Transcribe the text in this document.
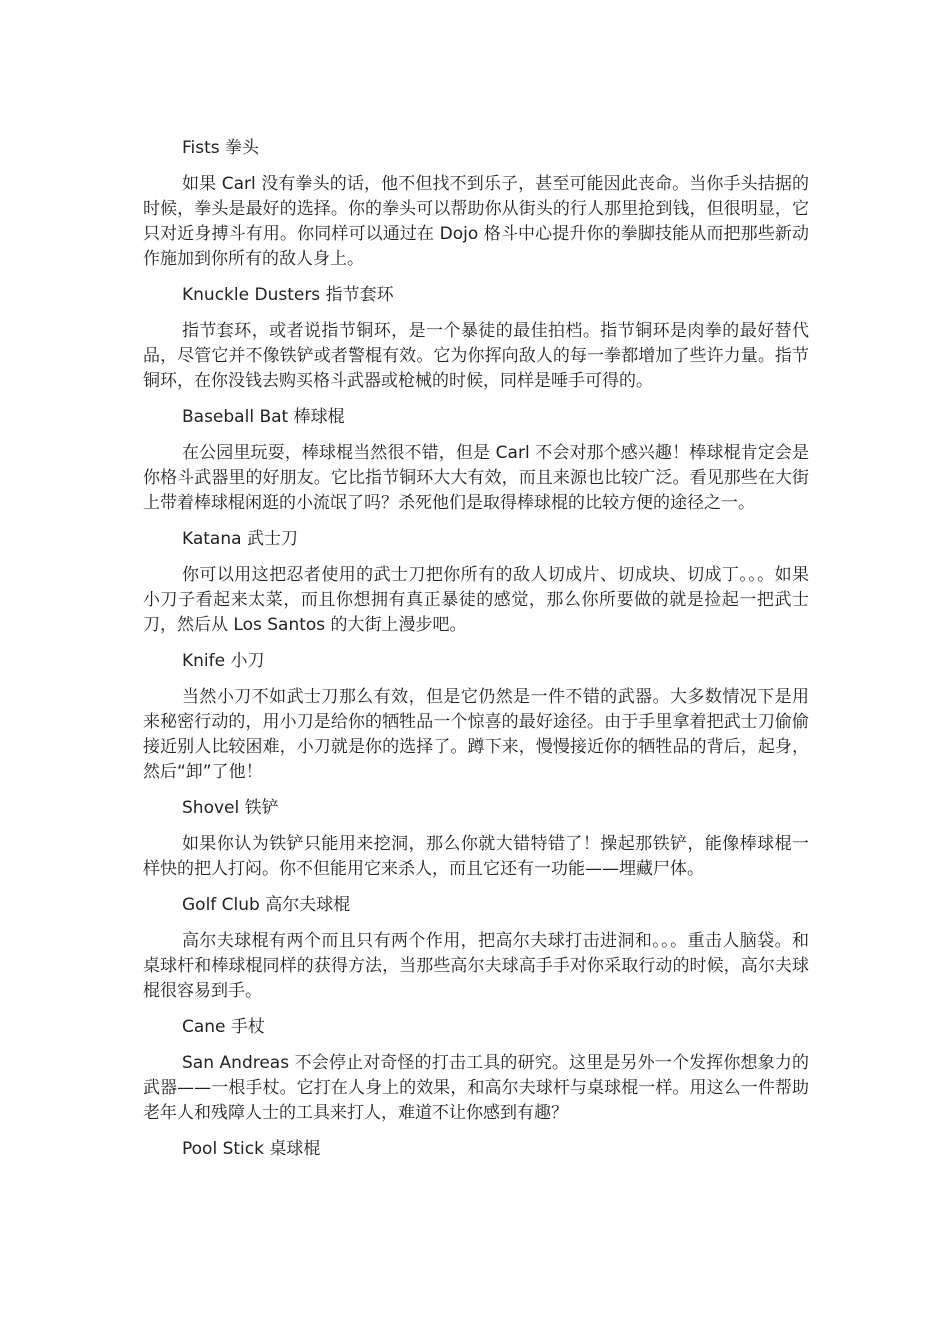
Fists 拳头
如果 Carl 没有拳头的话，他不但找不到乐子，甚至可能因此丧命。当你手头拮据的时候，拳头是最好的选择。你的拳头可以帮助你从街头的行人那里抢到钱，但很明显，它只对近身搏斗有用。你同样可以通过在 Dojo 格斗中心提升你的拳脚技能从而把那些新动作施加到你所有的敌人身上。
Knuckle Dusters 指节套环
指节套环，或者说指节铜环，是一个暴徒的最佳拍档。指节铜环是肉拳的最好替代品，尽管它并不像铁铲或者警棍有效。它为你挥向敌人的每一拳都增加了些许力量。指节铜环，在你没钱去购买格斗武器或枪械的时候，同样是唾手可得的。
Baseball Bat 棒球棍
在公园里玩耍，棒球棍当然很不错，但是 Carl 不会对那个感兴趣！棒球棍肯定会是你格斗武器里的好朋友。它比指节铜环大大有效，而且来源也比较广泛。看见那些在大街上带着棒球棍闲逛的小流氓了吗？杀死他们是取得棒球棍的比较方便的途径之一。
Katana 武士刀
你可以用这把忍者使用的武士刀把你所有的敌人切成片、切成块、切成丁。。。如果小刀子看起来太菜，而且你想拥有真正暴徒的感觉，那么你所要做的就是捡起一把武士刀，然后从 Los Santos 的大街上漫步吧。
Knife 小刀
当然小刀不如武士刀那么有效，但是它仍然是一件不错的武器。大多数情况下是用来秘密行动的，用小刀是给你的牺牲品一个惊喜的最好途径。由于手里拿着把武士刀偷偷接近别人比较困难，小刀就是你的选择了。蹲下来，慢慢接近你的牺牲品的背后，起身，然后“卸”了他！
Shovel 铁铲
如果你认为铁铲只能用来挖洞，那么你就大错特错了！操起那铁铲，能像棒球棍一样快的把人打闷。你不但能用它来杀人，而且它还有一功能——埋藏尸体。
Golf Club 高尔夫球棍
高尔夫球棍有两个而且只有两个作用，把高尔夫球打击进洞和。。。重击人脑袋。和桌球杆和棒球棍同样的获得方法，当那些高尔夫球高手手对你采取行动的时候，高尔夫球棍很容易到手。
Cane 手杖
San Andreas 不会停止对奇怪的打击工具的研究。这里是另外一个发挥你想象力的武器——一根手杖。它打在人身上的效果，和高尔夫球杆与桌球棍一样。用这么一件帮助老年人和残障人士的工具来打人，难道不让你感到有趣？
Pool Stick 桌球棍
